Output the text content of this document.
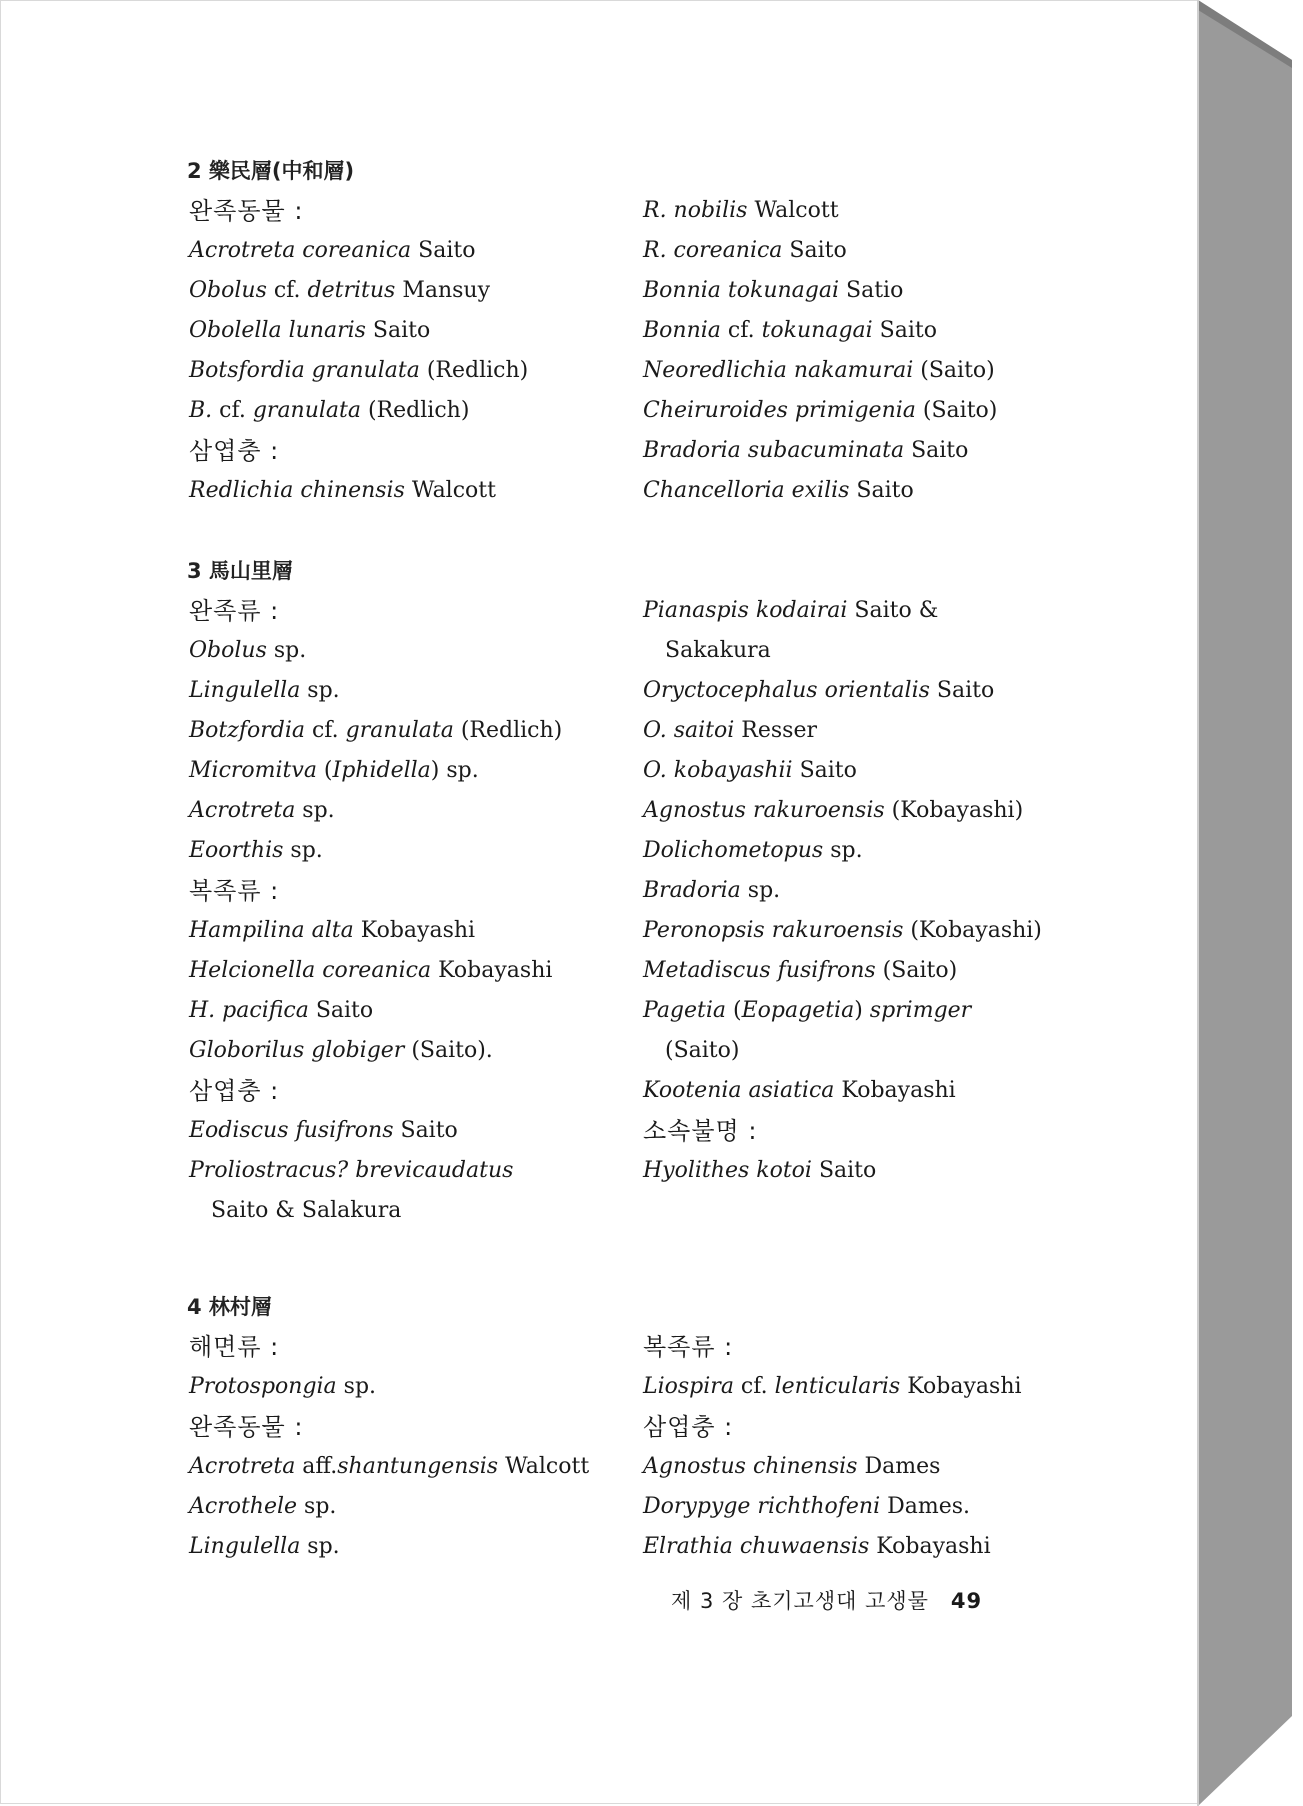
2 樂民層(中和層)
완족동물 :
Acrotreta coreanica Saito
Obolus cf. detritus Mansuy
Obolella lunaris Saito
Botsfordia granulata (Redlich)
B. cf. granulata (Redlich)
삼엽충 :
Redlichia chinensis Walcott
R. nobilis Walcott
R. coreanica Saito
Bonnia tokunagai Satio
Bonnia cf. tokunagai Saito
Neoredlichia nakamurai (Saito)
Cheiruroides primigenia (Saito)
Bradoria subacuminata Saito
Chancelloria exilis Saito
3 馬山里層
완족류 :
Obolus sp.
Lingulella sp.
Botzfordia cf. granulata (Redlich)
Micromitva (Iphidella) sp.
Acrotreta sp.
Eoorthis sp.
복족류 :
Hampilina alta Kobayashi
Helcionella coreanica Kobayashi
H. pacifica Saito
Globorilus globiger (Saito).
삼엽충 :
Eodiscus fusifrons Saito
Proliostracus? brevicaudatus
Saito & Salakura
Pianaspis kodairai Saito &
Sakakura
Oryctocephalus orientalis Saito
O. saitoi Resser
O. kobayashii Saito
Agnostus rakuroensis (Kobayashi)
Dolichometopus sp.
Bradoria sp.
Peronopsis rakuroensis (Kobayashi)
Metadiscus fusifrons (Saito)
Pagetia (Eopagetia) sprimger
(Saito)
Kootenia asiatica Kobayashi
소속불명 :
Hyolithes kotoi Saito
4 林村層
해면류 :
Protospongia sp.
완족동물 :
Acrotreta aff.shantungensis Walcott
Acrothele sp.
Lingulella sp.
복족류 :
Liospira cf. lenticularis Kobayashi
삼엽충 :
Agnostus chinensis Dames
Dorypyge richthofeni Dames.
Elrathia chuwaensis Kobayashi
제 3 장 초기고생대 고생물 49
